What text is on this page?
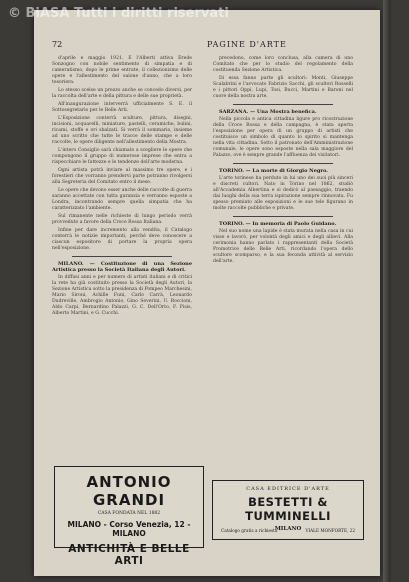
© BiASA Tutti i diritti riservati
72	PAGINE D'ARTE

d'aprile e maggio 1921. E l'Alberti attiva Erede Sonzogno con nobile sentimento di simpatia e di cameratismo, dopo le prime entrate, il collezionismo delle opere e l'allestimento del salone d'anno, che a loro tesoriera.

Lo stesso scelse un prezzo anche se concedo diversi, per la raccolta dell'arte e della pittura e delle sue proprietà.

All'inaugurazione interverrà ufficialmente S. E. il Sottosegretario per le Belle Arti.

L'Esposizione conterrà sculture, pittura, disegni, incisioni, acquarelli, miniature, pastelli, ceramiche, bulini, ricami, stoffe e ori sbalzati. Si verrà il sommario, insieme ad uno scritto che tutte le tracce delle stampe e delle raccolte, le opere diligente nell'allestimento della Mostra.

L'intero Consiglio sarà chiamato a scegliere le opere che compongono il gruppo di numerose imprese che entra a rispecchiare le fattezze e le tendenze dell'arte moderna.

Ogni artista potrà inviare al massimo tre opere, e i forestieri che vorranno prendervi parte potranno rivolgersi alla Segreteria del Comitato entro il mese.

Le opere che devono esser anche delle raccolte di guerra saranno accettate con tutta garanzia e verranno esposte a Londra, incontrando sempre quella simpatia che ha caratterizzato l'ambiente.

Sul rimanente nelle richieste di lungo periodo verrà provveduto a favore della Croce Rossa Italiana.

Infine per dare incremento alla vendita, il Catalogo conterrà le notizie importanti, perché deve conoscere a ciascun espositore di portare la propria opera nell'esposizione.

MILANO. — Costituzione di una Sezione Artistica presso la Società Italiana degli Autori.

In diffusi anni e per numero di artisti italiani e di critici la rete ha già costituito presso la Società degli Autori, la Sezione Artistica sotto la presidenza di Pompeo Marchesini, Mario Sironi, Achille Funi, Carlo Carrà, Leonardo Dudreville, Ambrogio Antonio, Gino Severini, U. Boccioni, Aldo Carpi, Bernardino Palazzi, G. C. Dell'Orto, F. Pisis, Alberto Martini, e G. Cucchi.

precedono, come loro conclusa, alla camera di uno Comitato che per lo studio del regolamento della costituenda Sezione Artistica.

Di essa fanno parte gli scultori: Monti, Giuseppe Scalabrini e l'avvocato Fabrizio Sacchi, gli scultori Rosselli e i pittori Oppi, Lupi, Tosi, Bucci, Martini e Baroni nel cuore della nostra arte.

SARZANA. — Una Mostra benefica.

Nella piccola e antica cittadina ligure pro ricostruzione della Croce Rossa e della campagna, è stata aperta l'esposizione per opera di un gruppo di artisti che costituisce un simbolo di quanto lo spirito si mantenga nella vita cittadina. Sotto il patronato dell'Amministrazione comunale, le opere sono esposte nella sala maggiore del Palazzo, ove è sempre grande l'affluenza dei visitatori.

TORINO. — La morte di Giorgio Negro.

L'arte torinese ha perduto in lui uno dei suoi più sinceri e discreti cultori. Nato in Torino nel 1862, studiò all'Accademia Albertina e si dedicò al paesaggio, traendo dai luoghi della sua terra ispirazione sempre rinnovata. Fu spesso premiato alle esposizioni e le sue tele figurano in molte raccolte pubbliche e private.

TORINO. — In memoria di Paolo Guidano.

Nel suo nome una lapide è stata murata nella casa in cui visse e lavorò, per volontà degli amici e degli allievi. Alla cerimonia hanno parlato i rappresentanti della Società Promotrice delle Belle Arti, ricordando l'opera dello scultore scomparso, e la sua feconda attività al servizio dell'arte.

ANTONIO GRANDI
CASA FONDATA NEL 1882
MILANO - Corso Venezia, 12 - MILANO
ANTICHITÀ E BELLE ARTI
CASA EDITRICE D'ARTE
BESTETTI & TUMMINELLI
MILANO
Catalogo gratis a richiesta	VIALE MONFORTE, 22
